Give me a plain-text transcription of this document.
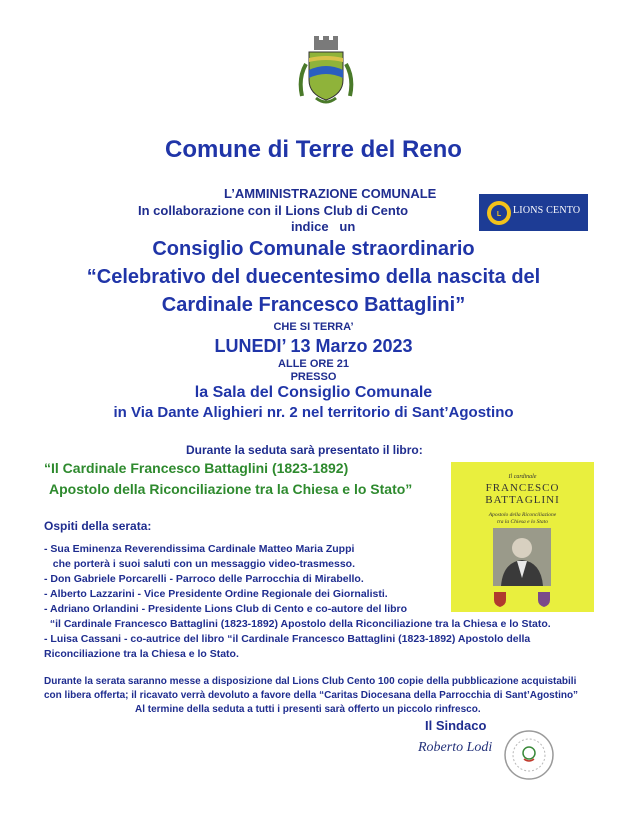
Comune di Terre del Reno
L’AMMINISTRAZIONE COMUNALE
In collaborazione con il Lions Club di Cento
indice   un
L LIONS CENTO
Consiglio Comunale straordinario
“Celebrativo del duecentesimo della nascita del
Cardinale Francesco Battaglini”
CHE SI TERRA’
LUNEDI’ 13 Marzo 2023
ALLE ORE 21
PRESSO
la Sala del Consiglio Comunale
in Via Dante Alighieri nr. 2 nel territorio di Sant’Agostino
Durante la seduta sarà presentato il libro:
“Il Cardinale Francesco Battaglini (1823-1892)
Apostolo della Riconciliazione tra la Chiesa e lo Stato”
Il cardinale
FRANCESCO
BATTAGLINI
Apostolo della Riconciliazione
tra la Chiesa e lo Stato
Ospiti della serata:
- Sua Eminenza Reverendissima Cardinale Matteo Maria Zuppi
che porterà i suoi saluti con un messaggio video-trasmesso.
- Don Gabriele Porcarelli - Parroco delle Parrocchia di Mirabello.
- Alberto Lazzarini - Vice Presidente Ordine Regionale dei Giornalisti.
- Adriano Orlandini - Presidente Lions Club di Cento e co-autore del libro
“il Cardinale Francesco Battaglini (1823-1892) Apostolo della Riconciliazione tra la Chiesa e lo Stato.
- Luisa Cassani - co-autrice del libro “il Cardinale Francesco Battaglini (1823-1892) Apostolo della
Riconciliazione tra la Chiesa e lo Stato.
Durante la serata saranno messe a disposizione dal Lions Club Cento 100 copie della pubblicazione acquistabili
con libera offerta; il ricavato verrà devoluto a favore della “Caritas Diocesana della Parrocchia di Sant’Agostino”
Al termine della seduta a tutti i presenti sarà offerto un piccolo rinfresco.
Il Sindaco
Roberto Lodi
